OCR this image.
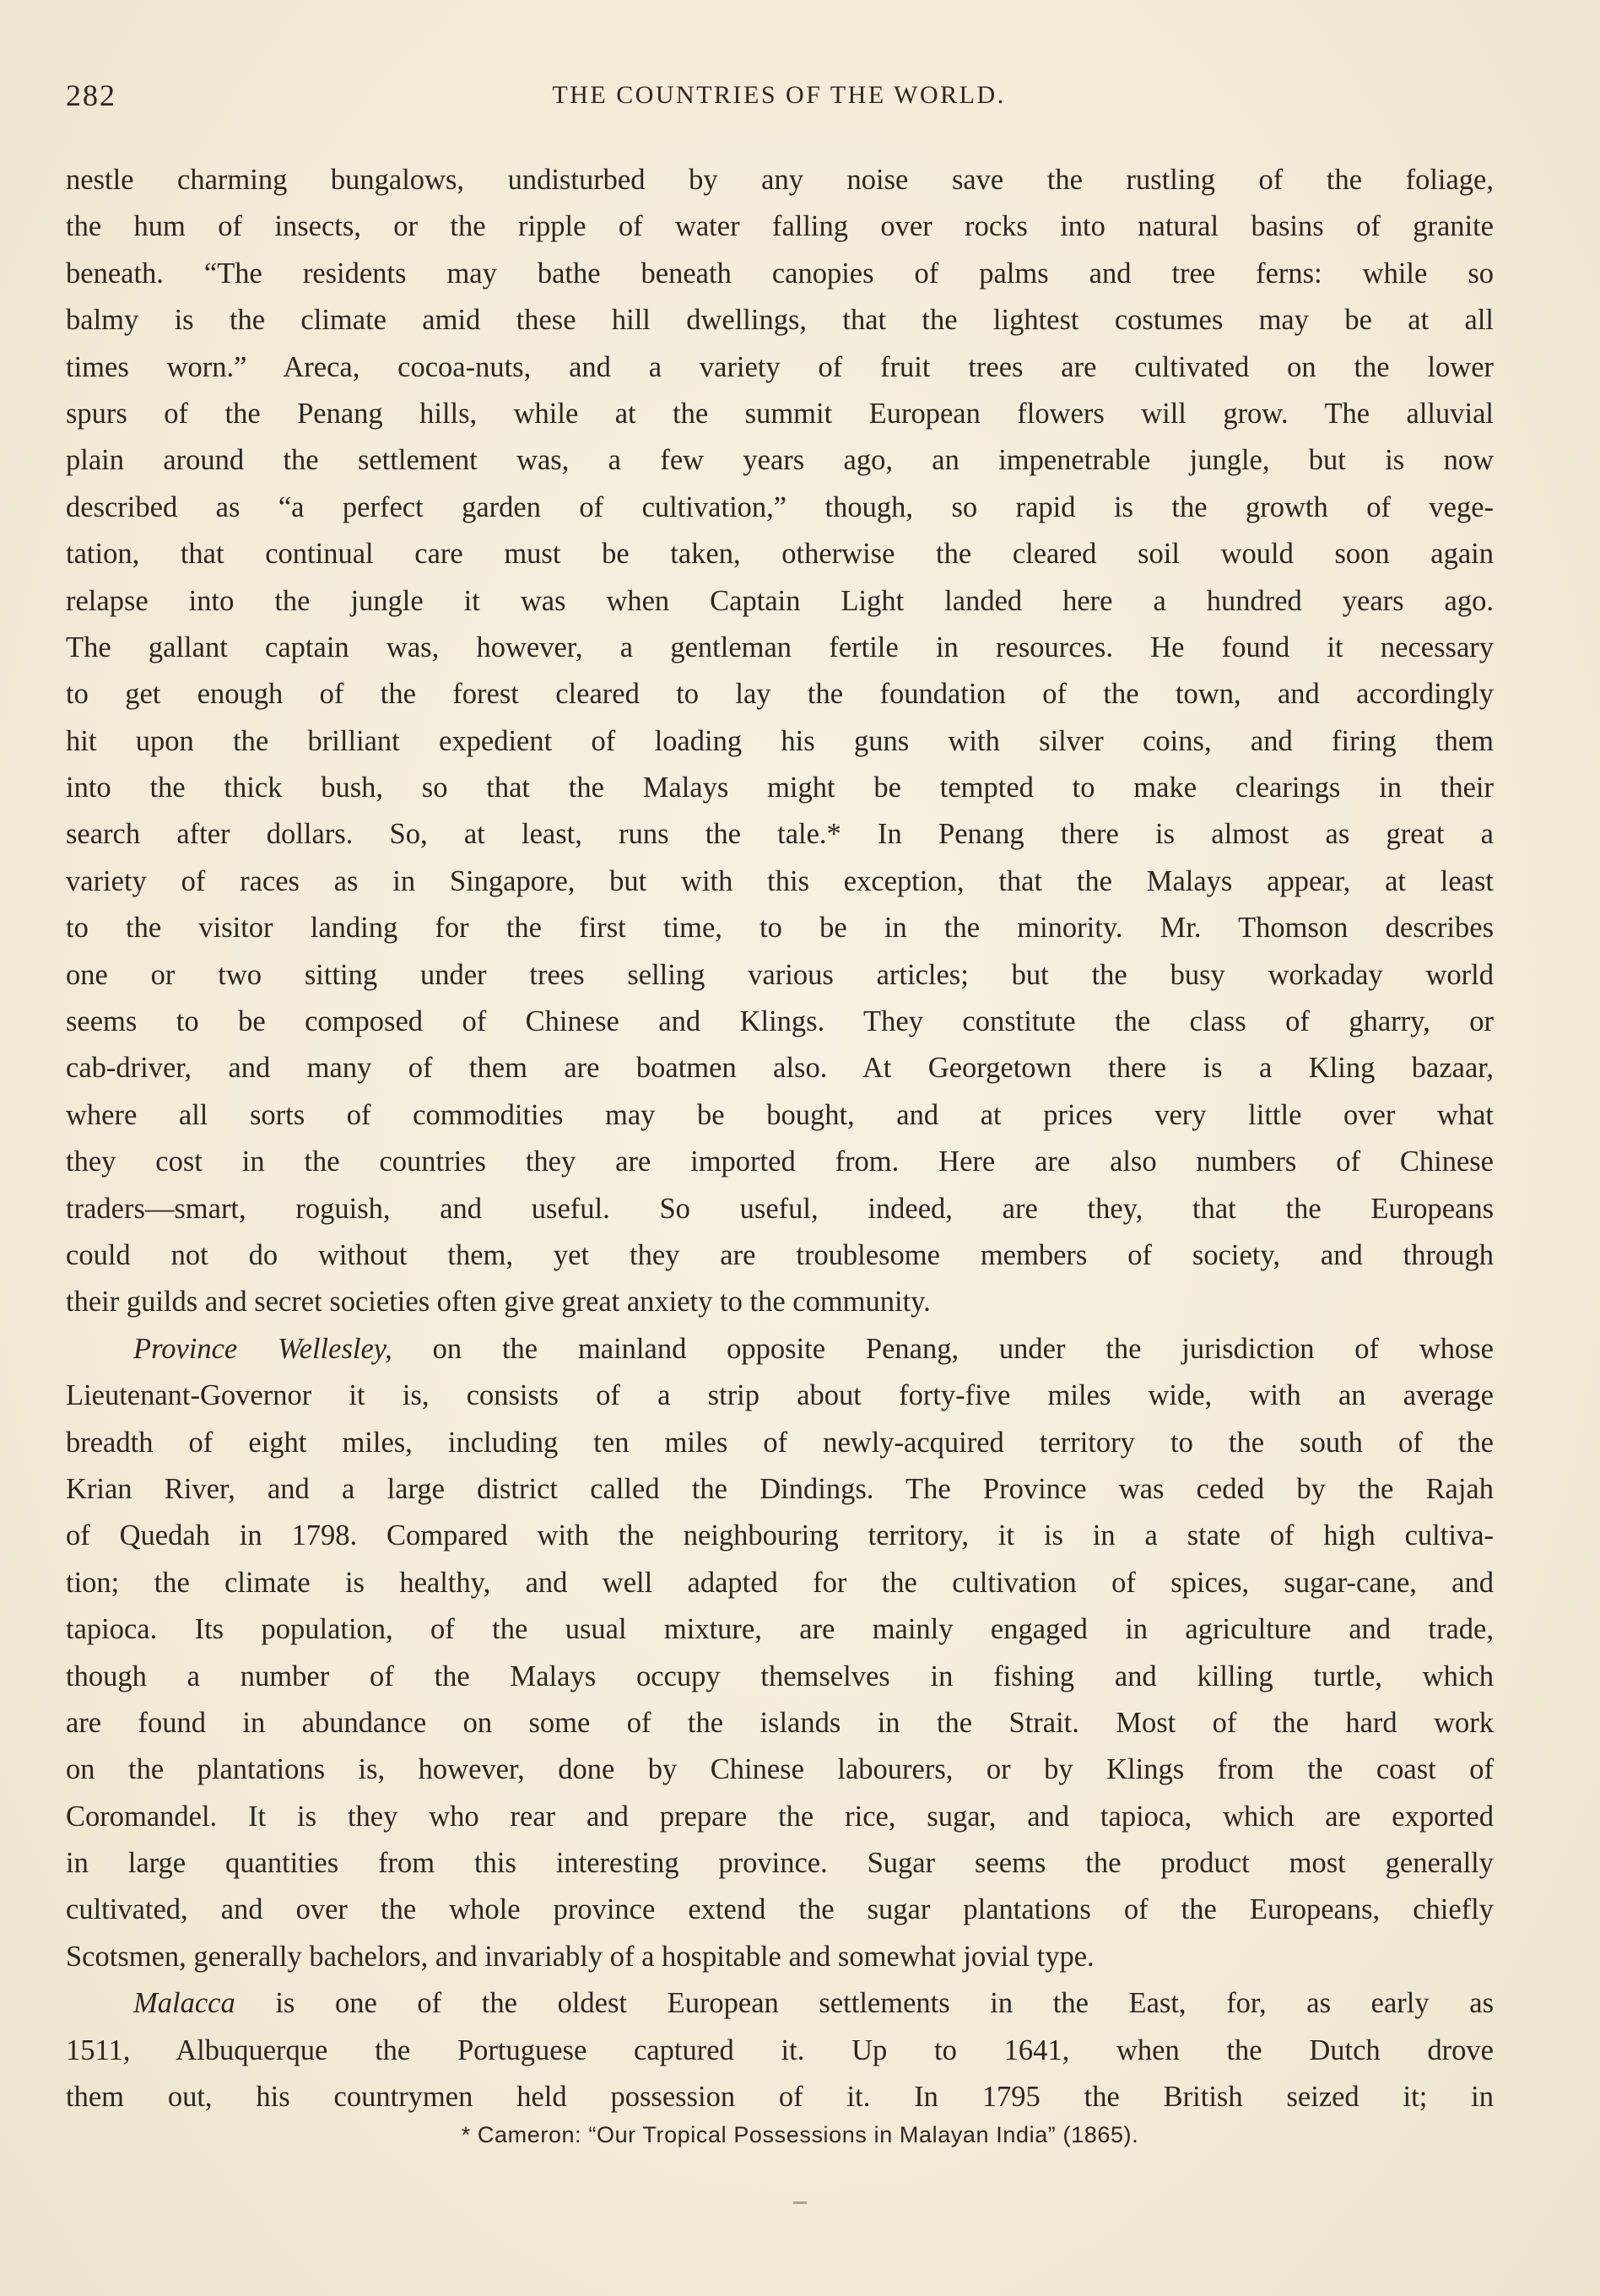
282	THE COUNTRIES OF THE WORLD.
nestle charming bungalows, undisturbed by any noise save the rustling of the foliage,
the hum of insects, or the ripple of water falling over rocks into natural basins of granite
beneath. “The residents may bathe beneath canopies of palms and tree ferns: while so
balmy is the climate amid these hill dwellings, that the lightest costumes may be at all
times worn.” Areca, cocoa-nuts, and a variety of fruit trees are cultivated on the lower
spurs of the Penang hills, while at the summit European flowers will grow. The alluvial
plain around the settlement was, a few years ago, an impenetrable jungle, but is now
described as “a perfect garden of cultivation,” though, so rapid is the growth of vege-
tation, that continual care must be taken, otherwise the cleared soil would soon again
relapse into the jungle it was when Captain Light landed here a hundred years ago.
The gallant captain was, however, a gentleman fertile in resources. He found it necessary
to get enough of the forest cleared to lay the foundation of the town, and accordingly
hit upon the brilliant expedient of loading his guns with silver coins, and firing them
into the thick bush, so that the Malays might be tempted to make clearings in their
search after dollars. So, at least, runs the tale.* In Penang there is almost as great a
variety of races as in Singapore, but with this exception, that the Malays appear, at least
to the visitor landing for the first time, to be in the minority. Mr. Thomson describes
one or two sitting under trees selling various articles; but the busy workaday world
seems to be composed of Chinese and Klings. They constitute the class of gharry, or
cab-driver, and many of them are boatmen also. At Georgetown there is a Kling bazaar,
where all sorts of commodities may be bought, and at prices very little over what
they cost in the countries they are imported from. Here are also numbers of Chinese
traders—smart, roguish, and useful. So useful, indeed, are they, that the Europeans
could not do without them, yet they are troublesome members of society, and through
their guilds and secret societies often give great anxiety to the community.
Province Wellesley, on the mainland opposite Penang, under the jurisdiction of whose
Lieutenant-Governor it is, consists of a strip about forty-five miles wide, with an average
breadth of eight miles, including ten miles of newly-acquired territory to the south of the
Krian River, and a large district called the Dindings. The Province was ceded by the Rajah
of Quedah in 1798. Compared with the neighbouring territory, it is in a state of high cultiva-
tion; the climate is healthy, and well adapted for the cultivation of spices, sugar-cane, and
tapioca. Its population, of the usual mixture, are mainly engaged in agriculture and trade,
though a number of the Malays occupy themselves in fishing and killing turtle, which
are found in abundance on some of the islands in the Strait. Most of the hard work
on the plantations is, however, done by Chinese labourers, or by Klings from the coast of
Coromandel. It is they who rear and prepare the rice, sugar, and tapioca, which are exported
in large quantities from this interesting province. Sugar seems the product most generally
cultivated, and over the whole province extend the sugar plantations of the Europeans, chiefly
Scotsmen, generally bachelors, and invariably of a hospitable and somewhat jovial type.
Malacca is one of the oldest European settlements in the East, for, as early as
1511, Albuquerque the Portuguese captured it. Up to 1641, when the Dutch drove
them out, his countrymen held possession of it. In 1795 the British seized it; in
* Cameron: “Our Tropical Possessions in Malayan India” (1865).
